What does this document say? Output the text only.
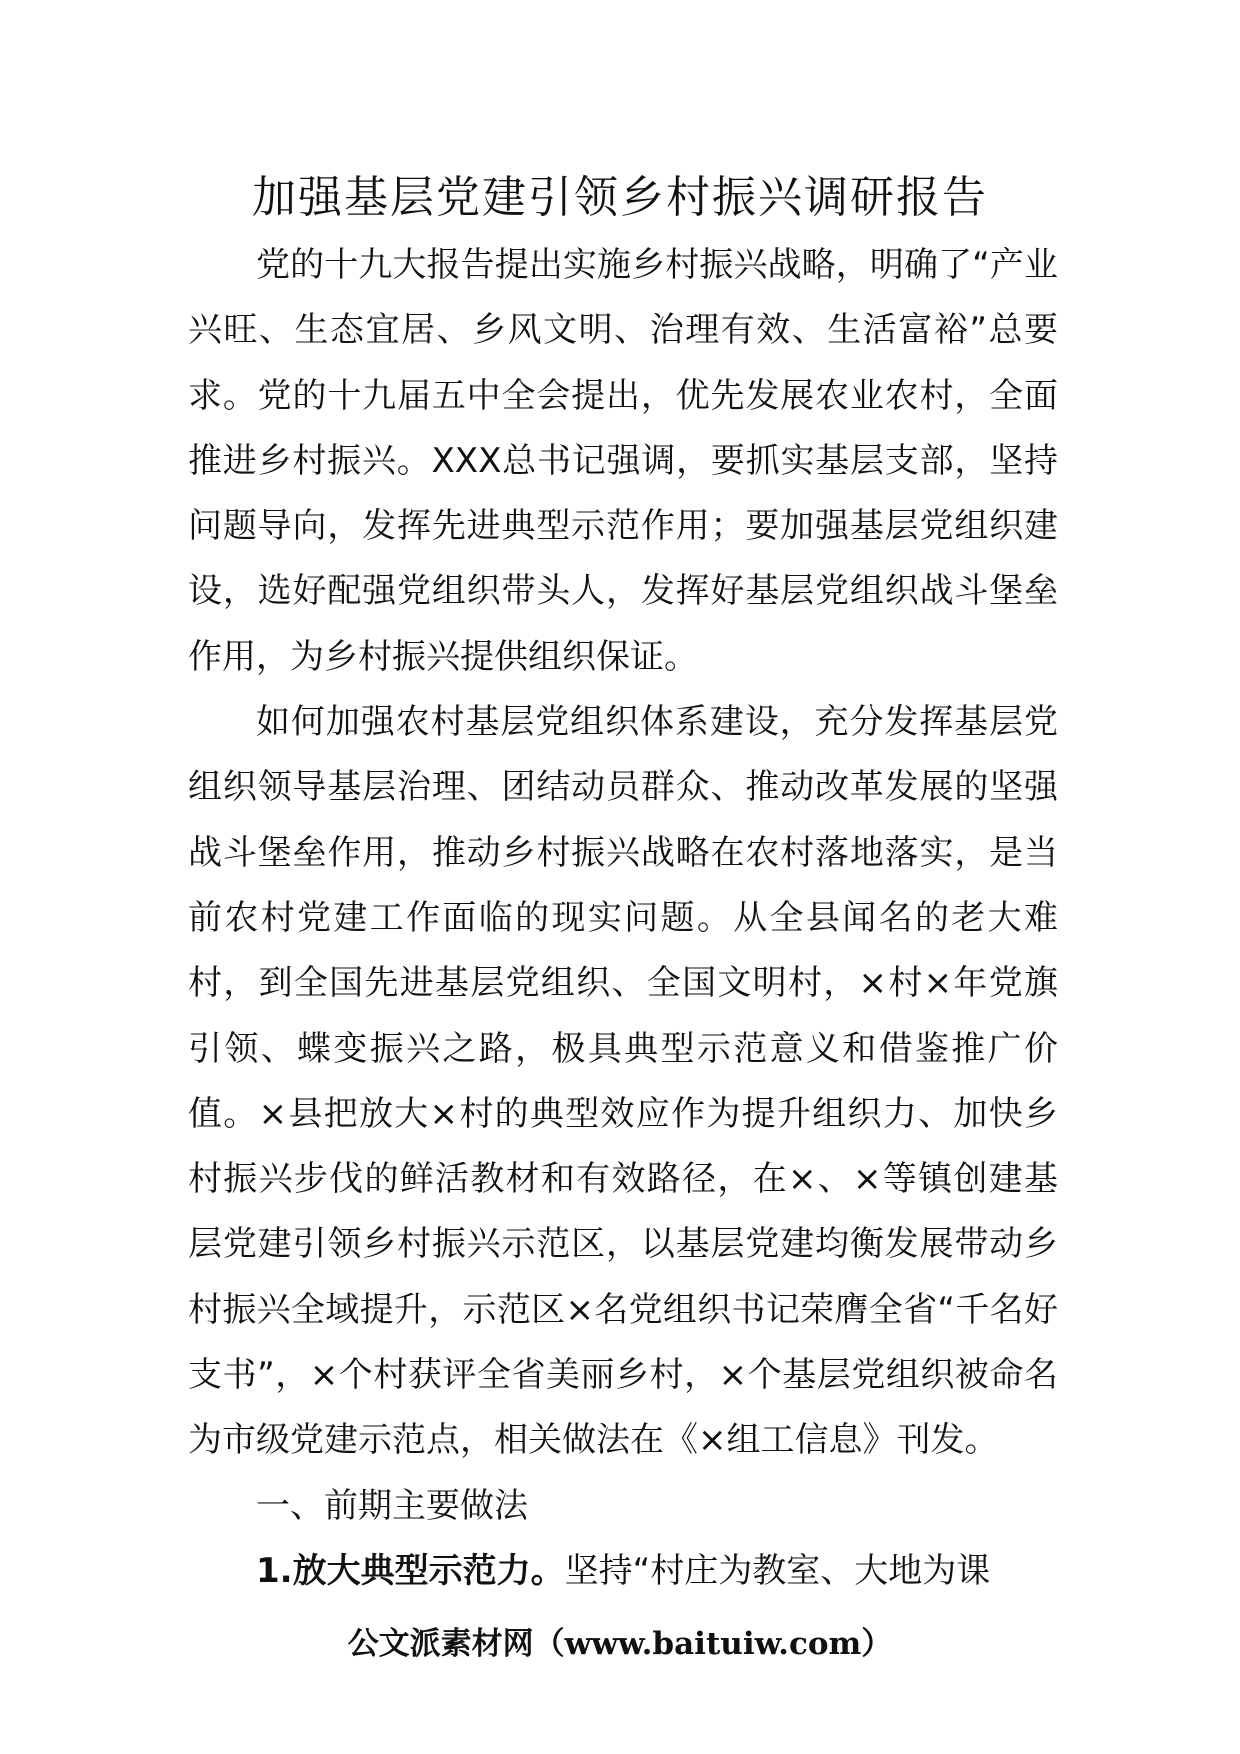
加强基层党建引领乡村振兴调研报告

党的十九大报告提出实施乡村振兴战略，明确了“产业兴旺、生态宜居、乡风文明、治理有效、生活富裕”总要求。党的十九届五中全会提出，优先发展农业农村，全面推进乡村振兴。XXX总书记强调，要抓实基层支部，坚持问题导向，发挥先进典型示范作用；要加强基层党组织建设，选好配强党组织带头人，发挥好基层党组织战斗堡垒作用，为乡村振兴提供组织保证。

如何加强农村基层党组织体系建设，充分发挥基层党组织领导基层治理、团结动员群众、推动改革发展的坚强战斗堡垒作用，推动乡村振兴战略在农村落地落实，是当前农村党建工作面临的现实问题。从全县闻名的老大难村，到全国先进基层党组织、全国文明村，×村×年党旗引领、蝶变振兴之路，极具典型示范意义和借鉴推广价值。×县把放大×村的典型效应作为提升组织力、加快乡村振兴步伐的鲜活教材和有效路径，在×、×等镇创建基层党建引领乡村振兴示范区，以基层党建均衡发展带动乡村振兴全域提升，示范区×名党组织书记荣膺全省“千名好支书”，×个村获评全省美丽乡村，×个基层党组织被命名为市级党建示范点，相关做法在《×组工信息》刊发。

一、前期主要做法

1.放大典型示范力。坚持“村庄为教室、大地为课

公文派素材网（www.baituiw.com）
